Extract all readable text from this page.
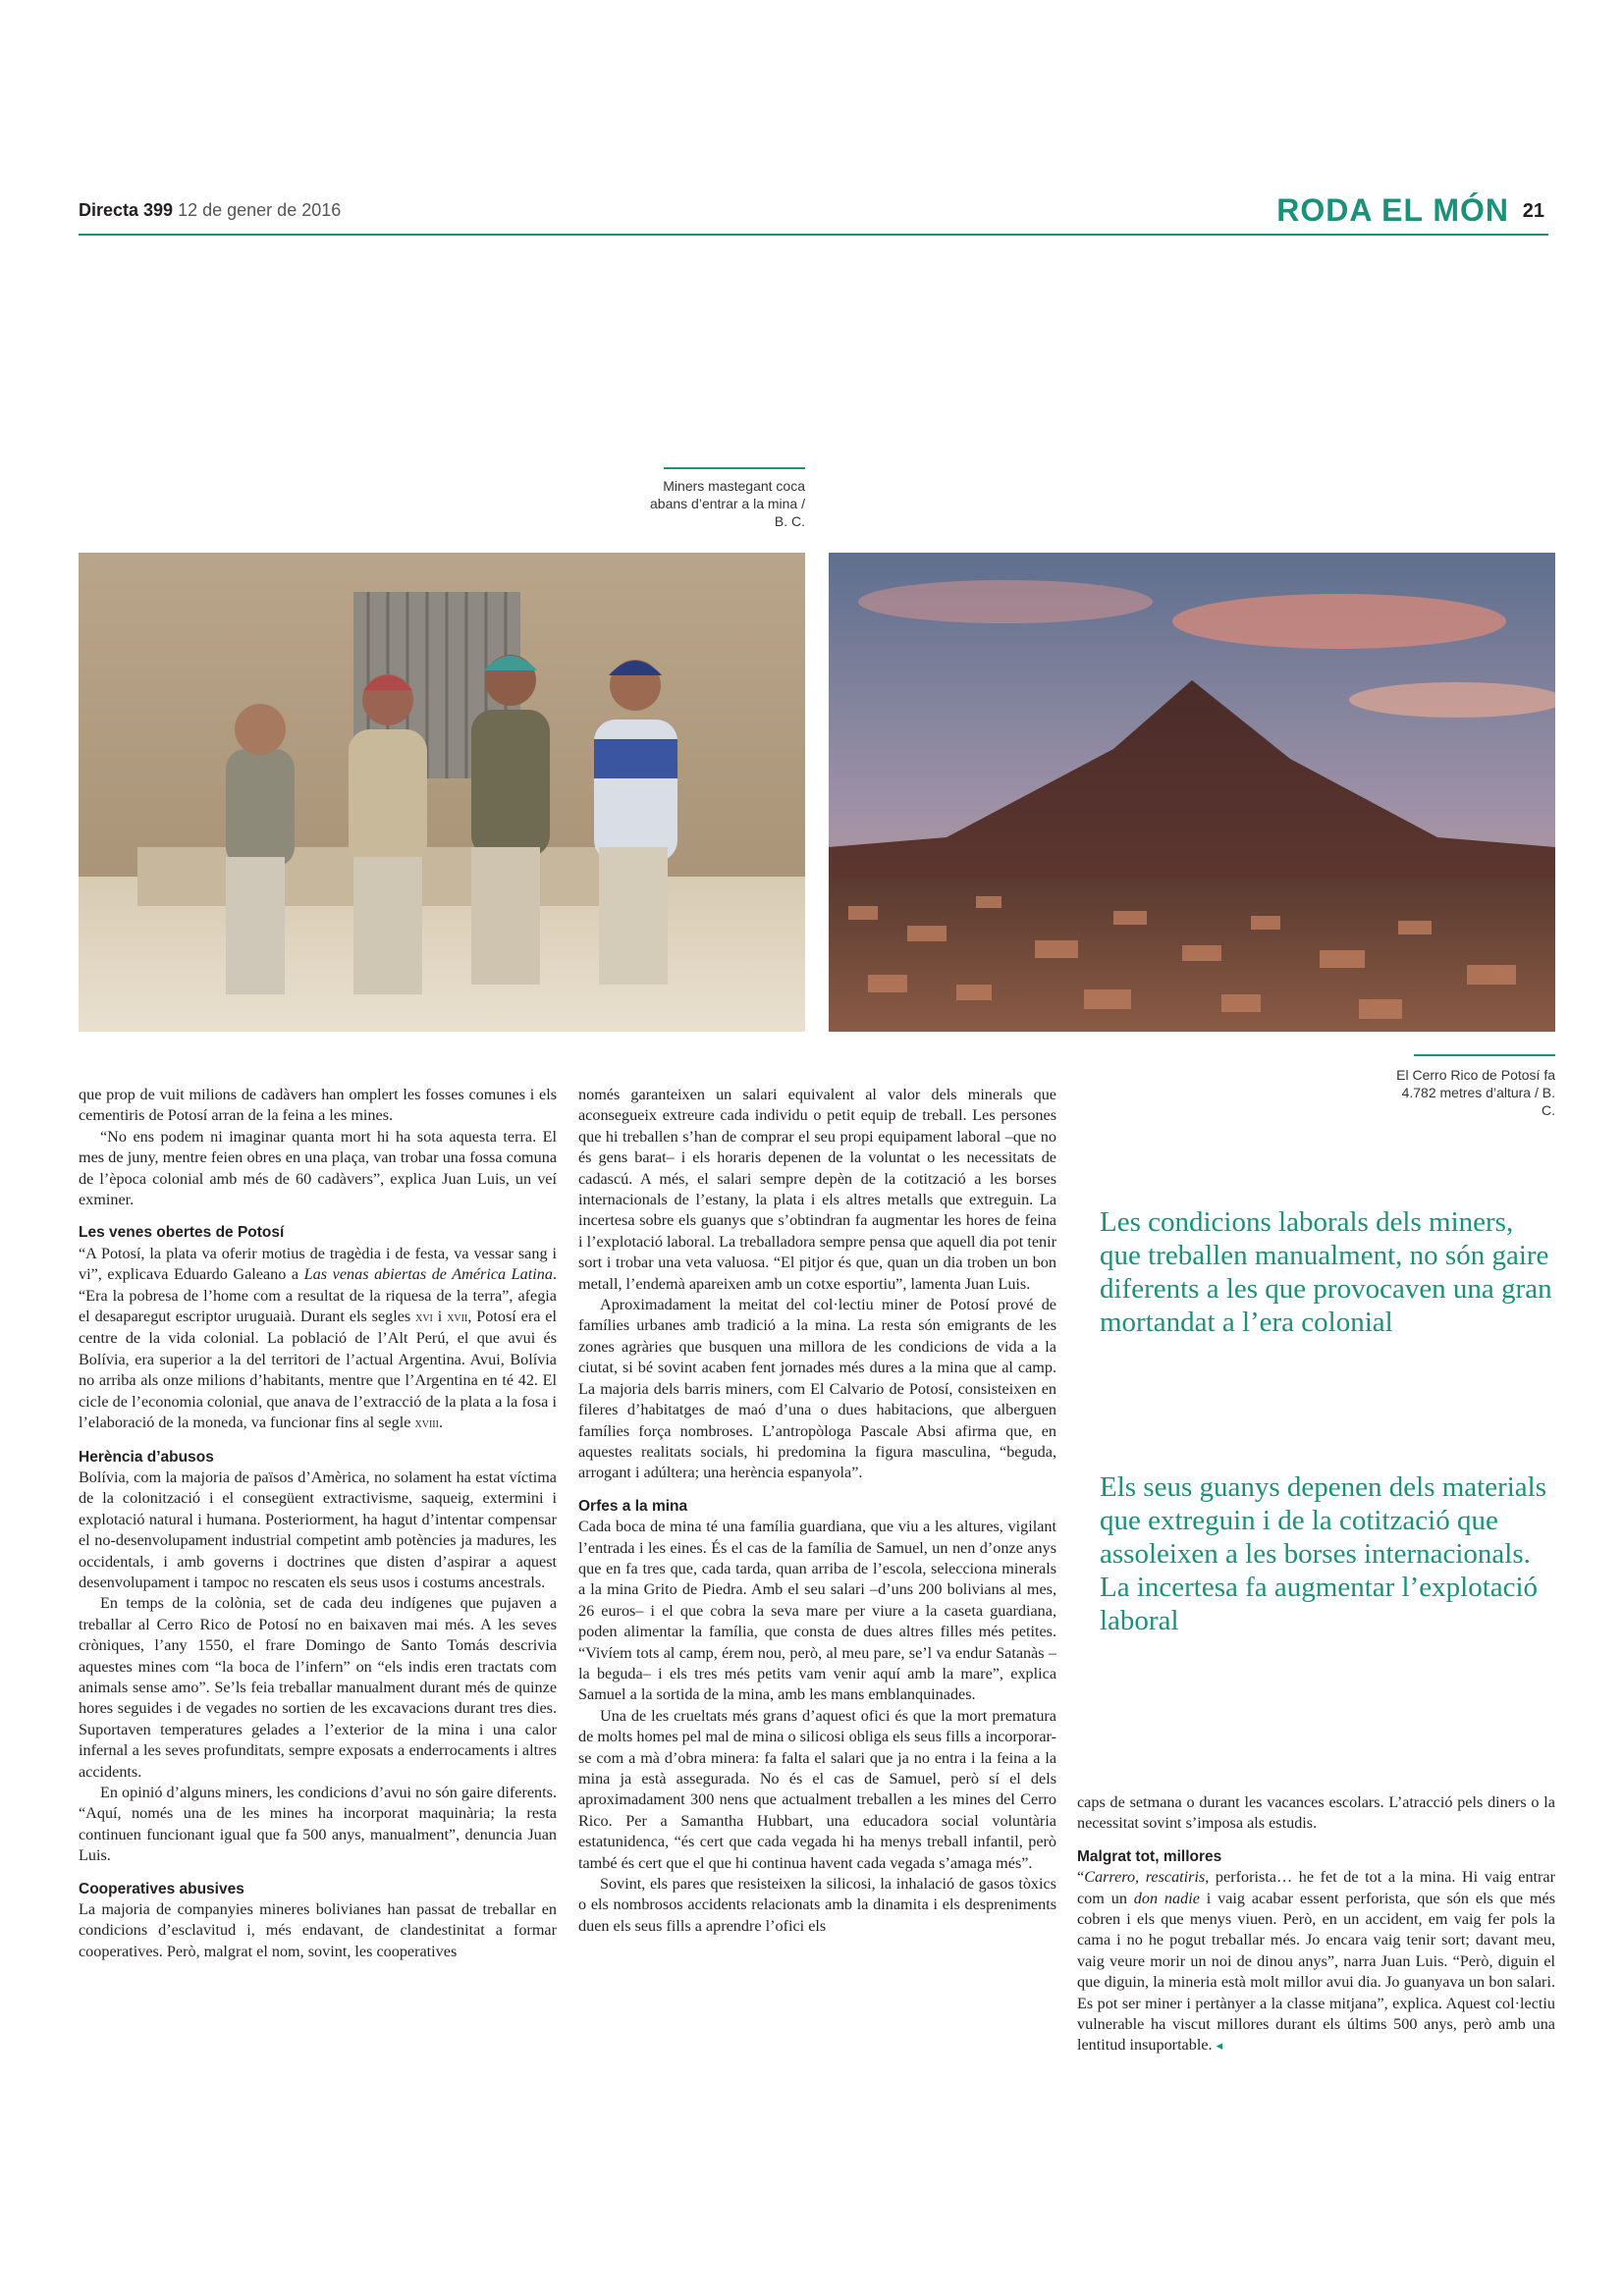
Directa 399 12 de gener de 2016	RODA EL MÓN 21
Miners mastegant coca abans d’entrar a la mina / B. C.
El Cerro Rico de Potosí fa 4.782 metres d’altura / B. C.

que prop de vuit milions de cadàvers han omplert les fosses comunes i els cementiris de Potosí arran de la feina a les mines.

“No ens podem ni imaginar quanta mort hi ha sota aquesta terra. El mes de juny, mentre feien obres en una plaça, van trobar una fossa comuna de l’època colonial amb més de 60 cadàvers”, explica Juan Luis, un veí exminer.

Les venes obertes de Potosí

“A Potosí, la plata va oferir motius de tragèdia i de festa, va vessar sang i vi”, explicava Eduardo Galeano a Las venas abiertas de América Latina. “Era la pobresa de l’home com a resultat de la riquesa de la terra”, afegia el desaparegut escriptor uruguaià. Durant els segles xvi i xvii, Potosí era el centre de la vida colonial. La població de l’Alt Perú, el que avui és Bolívia, era superior a la del territori de l’actual Argentina. Avui, Bolívia no arriba als onze milions d’habitants, mentre que l’Argentina en té 42. El cicle de l’economia colonial, que anava de l’extracció de la plata a la fosa i l’elaboració de la moneda, va funcionar fins al segle xviii.

Herència d’abusos

Bolívia, com la majoria de països d’Amèrica, no solament ha estat víctima de la colonització i el consegüent extractivisme, saqueig, extermini i explotació natural i humana. Posteriorment, ha hagut d’intentar compensar el no-desenvolupament industrial competint amb potències ja madures, les occidentals, i amb governs i doctrines que disten d’aspirar a aquest desenvolupament i tampoc no rescaten els seus usos i costums ancestrals.

En temps de la colònia, set de cada deu indígenes que pujaven a treballar al Cerro Rico de Potosí no en baixaven mai més. A les seves cròniques, l’any 1550, el frare Domingo de Santo Tomás descrivia aquestes mines com “la boca de l’infern” on “els indis eren tractats com animals sense amo”. Se’ls feia treballar manualment durant més de quinze hores seguides i de vegades no sortien de les excavacions durant tres dies. Suportaven temperatures gelades a l’exterior de la mina i una calor infernal a les seves profunditats, sempre exposats a enderrocaments i altres accidents.

En opinió d’alguns miners, les condicions d’avui no són gaire diferents. “Aquí, només una de les mines ha incorporat maquinària; la resta continuen funcionant igual que fa 500 anys, manualment”, denuncia Juan Luis.

Cooperatives abusives

La majoria de companyies mineres bolivianes han passat de treballar en condicions d’esclavitud i, més endavant, de clandestinitat a formar cooperatives. Però, malgrat el nom, sovint, les cooperatives

només garanteixen un salari equivalent al valor dels minerals que aconsegueix extreure cada individu o petit equip de treball. Les persones que hi treballen s’han de comprar el seu propi equipament laboral –que no és gens barat– i els horaris depenen de la voluntat o les necessitats de cadascú. A més, el salari sempre depèn de la cotització a les borses internacionals de l’estany, la plata i els altres metalls que extreguin. La incertesa sobre els guanys que s’obtindran fa augmentar les hores de feina i l’explotació laboral. La treballadora sempre pensa que aquell dia pot tenir sort i trobar una veta valuosa. “El pitjor és que, quan un dia troben un bon metall, l’endemà apareixen amb un cotxe esportiu”, lamenta Juan Luis.

Aproximadament la meitat del col·lectiu miner de Potosí prové de famílies urbanes amb tradició a la mina. La resta són emigrants de les zones agràries que busquen una millora de les condicions de vida a la ciutat, si bé sovint acaben fent jornades més dures a la mina que al camp. La majoria dels barris miners, com El Calvario de Potosí, consisteixen en fileres d’habitatges de maó d’una o dues habitacions, que alberguen famílies força nombroses. L’antropòloga Pascale Absi afirma que, en aquestes realitats socials, hi predomina la figura masculina, “beguda, arrogant i adúltera; una herència espanyola”.

Orfes a la mina

Cada boca de mina té una família guardiana, que viu a les altures, vigilant l’entrada i les eines. És el cas de la família de Samuel, un nen d’onze anys que en fa tres que, cada tarda, quan arriba de l’escola, selecciona minerals a la mina Grito de Piedra. Amb el seu salari –d’uns 200 bolivians al mes, 26 euros– i el que cobra la seva mare per viure a la caseta guardiana, poden alimentar la família, que consta de dues altres filles més petites. “Vivíem tots al camp, érem nou, però, al meu pare, se’l va endur Satanàs –la beguda– i els tres més petits vam venir aquí amb la mare”, explica Samuel a la sortida de la mina, amb les mans emblanquinades.

Una de les crueltats més grans d’aquest ofici és que la mort prematura de molts homes pel mal de mina o silicosi obliga els seus fills a incorporar-se com a mà d’obra minera: fa falta el salari que ja no entra i la feina a la mina ja està assegurada. No és el cas de Samuel, però sí el dels aproximadament 300 nens que actualment treballen a les mines del Cerro Rico. Per a Samantha Hubbart, una educadora social voluntària estatunidenca, “és cert que cada vegada hi ha menys treball infantil, però també és cert que el que hi continua havent cada vegada s’amaga més”.

Sovint, els pares que resisteixen la silicosi, la inhalació de gasos tòxics o els nombrosos accidents relacionats amb la dinamita i els despreniments duen els seus fills a aprendre l’ofici els

Les condicions laborals dels miners, que treballen manualment, no són gaire diferents a les que provocaven una gran mortandat a l’era colonial
Els seus guanys depenen dels materials que extreguin i de la cotització que assoleixen a les borses internacionals. La incertesa fa augmentar l’explotació laboral

caps de setmana o durant les vacances escolars. L’atracció pels diners o la necessitat sovint s’imposa als estudis.

Malgrat tot, millores

“Carrero, rescatiris, perforista… he fet de tot a la mina. Hi vaig entrar com un don nadie i vaig acabar essent perforista, que són els que més cobren i els que menys viuen. Però, en un accident, em vaig fer pols la cama i no he pogut treballar més. Jo encara vaig tenir sort; davant meu, vaig veure morir un noi de dinou anys”, narra Juan Luis. “Però, diguin el que diguin, la mineria està molt millor avui dia. Jo guanyava un bon salari. Es pot ser miner i pertànyer a la classe mitjana”, explica. Aquest col·lectiu vulnerable ha viscut millores durant els últims 500 anys, però amb una lentitud insuportable. ◂
